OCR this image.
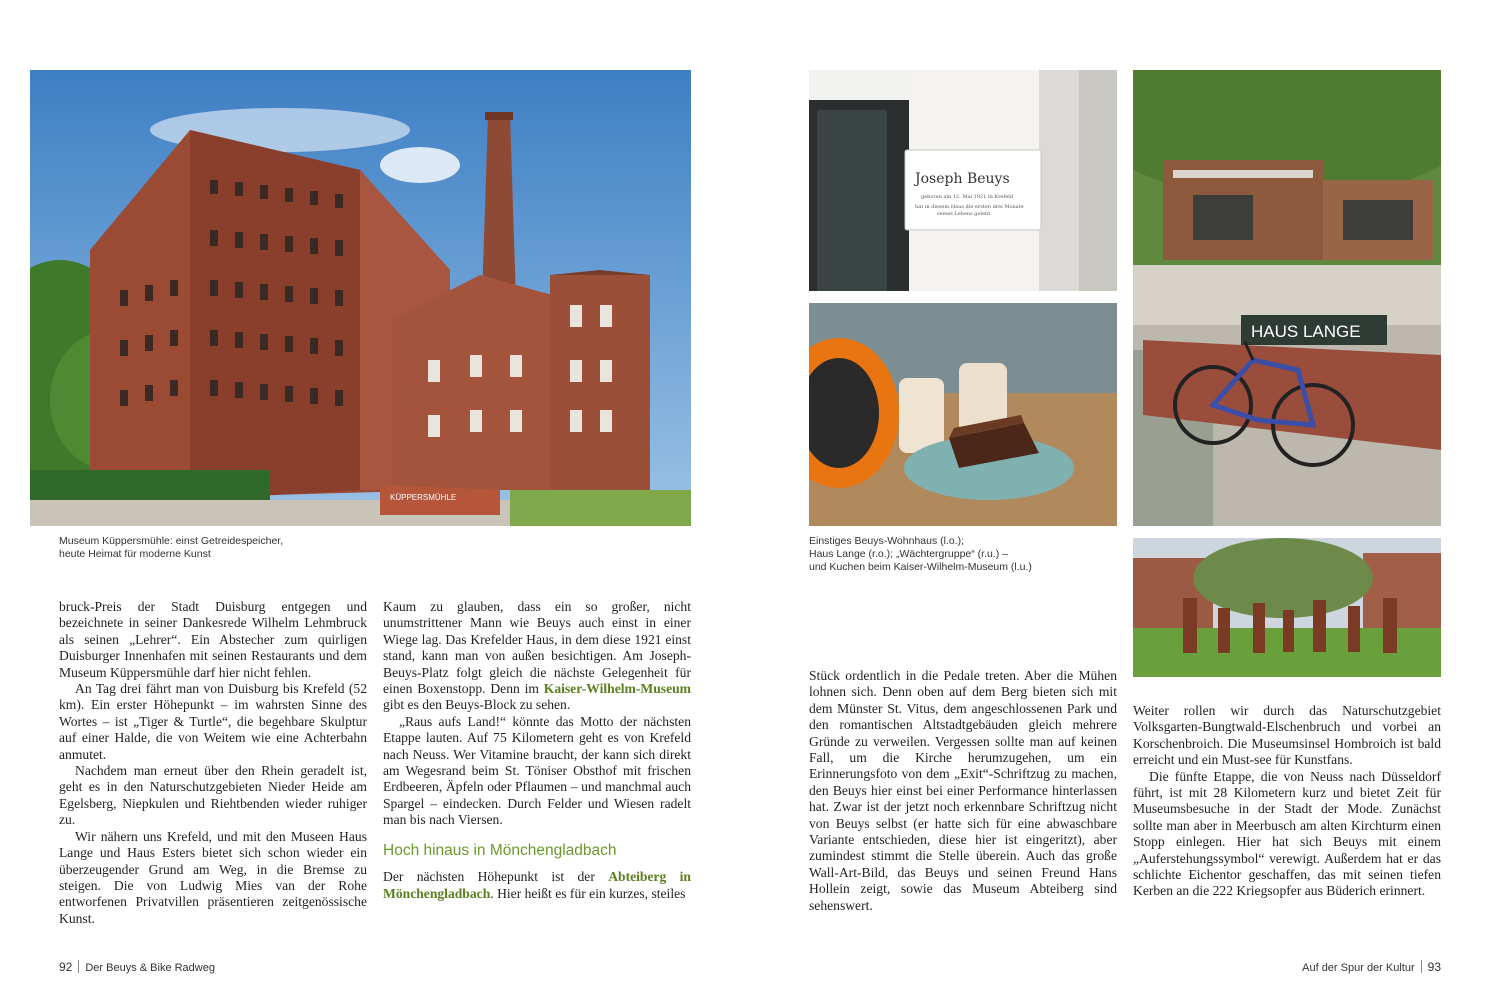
KÜPPERSMÜHLE
Museum Küppersmühle: einst Getreidespeicher,
heute Heimat für moderne Kunst
Joseph Beuys
geboren am 12. Mai 1921 in Krefeld
hat in diesem Haus die ersten drei Monate
seines Lebens gelebt.
HAUS LANGE
Einstiges Beuys-Wohnhaus (l.o.);
Haus Lange (r.o.); „Wächtergruppe“ (r.u.) –
und Kuchen beim Kaiser-Wilhelm-Museum (l.u.)

bruck-Preis der Stadt Duisburg entgegen und bezeichnete in seiner Dankesrede Wilhelm Lehmbruck als seinen „Lehrer“. Ein Abstecher zum quirligen Duisburger Innenhafen mit seinen Restaurants und dem Museum Küppersmühle darf hier nicht fehlen.

An Tag drei fährt man von Duisburg bis Krefeld (52 km). Ein erster Höhepunkt – im wahrsten Sinne des Wortes – ist „Tiger & Turtle“, die begehbare Skulptur auf einer Halde, die von Weitem wie eine Achterbahn anmutet.

Nachdem man erneut über den Rhein geradelt ist, geht es in den Naturschutzgebieten Nieder Heide am Egelsberg, Niepkulen und Riehtbenden wieder ruhiger zu.

Wir nähern uns Krefeld, und mit den Museen Haus Lange und Haus Esters bietet sich schon wieder ein überzeugender Grund am Weg, in die Bremse zu steigen. Die von Ludwig Mies van der Rohe entworfenen Privatvillen präsentieren zeitgenössische Kunst.

Kaum zu glauben, dass ein so großer, nicht unumstrittener Mann wie Beuys auch einst in einer Wiege lag. Das Krefelder Haus, in dem diese 1921 einst stand, kann man von außen besichtigen. Am Joseph-Beuys-Platz folgt gleich die nächste Gelegenheit für einen Boxenstopp. Denn im Kaiser-Wilhelm-Museum gibt es den Beuys-Block zu sehen.

„Raus aufs Land!“ könnte das Motto der nächsten Etappe lauten. Auf 75 Kilometern geht es von Krefeld nach Neuss. Wer Vitamine braucht, der kann sich direkt am Wegesrand beim St. Töniser Obsthof mit frischen Erdbeeren, Äpfeln oder Pflaumen – und manchmal auch Spargel – eindecken. Durch Felder und Wiesen radelt man bis nach Viersen.

Hoch hinaus in Mönchengladbach

Der nächsten Höhepunkt ist der Abteiberg in Mönchengladbach. Hier heißt es für ein kurzes, steiles

Stück ordentlich in die Pedale treten. Aber die Mühen lohnen sich. Denn oben auf dem Berg bieten sich mit dem Münster St. Vitus, dem angeschlossenen Park und den romantischen Altstadtgebäuden gleich mehrere Gründe zu verweilen. Vergessen sollte man auf keinen Fall, um die Kirche herumzugehen, um ein Erinnerungsfoto von dem „Exit“-Schriftzug zu machen, den Beuys hier einst bei einer Performance hinterlassen hat. Zwar ist der jetzt noch erkennbare Schriftzug nicht von Beuys selbst (er hatte sich für eine abwaschbare Variante entschieden, diese hier ist eingeritzt), aber zumindest stimmt die Stelle überein. Auch das große Wall-Art-Bild, das Beuys und seinen Freund Hans Hollein zeigt, sowie das Museum Abteiberg sind sehenswert.

Weiter rollen wir durch das Naturschutzgebiet Volksgarten-Bungtwald-Elschenbruch und vorbei an Korschenbroich. Die Museumsinsel Hombroich ist bald erreicht und ein Must-see für Kunstfans.

Die fünfte Etappe, die von Neuss nach Düsseldorf führt, ist mit 28 Kilometern kurz und bietet Zeit für Museumsbesuche in der Stadt der Mode. Zunächst sollte man aber in Meerbusch am alten Kirchturm einen Stopp einlegen. Hier hat sich Beuys mit einem „Auferstehungssymbol“ verewigt. Außerdem hat er das schlichte Eichentor geschaffen, das mit seinen tiefen Kerben an die 222 Kriegsopfer aus Büderich erinnert.

92 Der Beuys & Bike Radweg	Auf der Spur der Kultur 93
